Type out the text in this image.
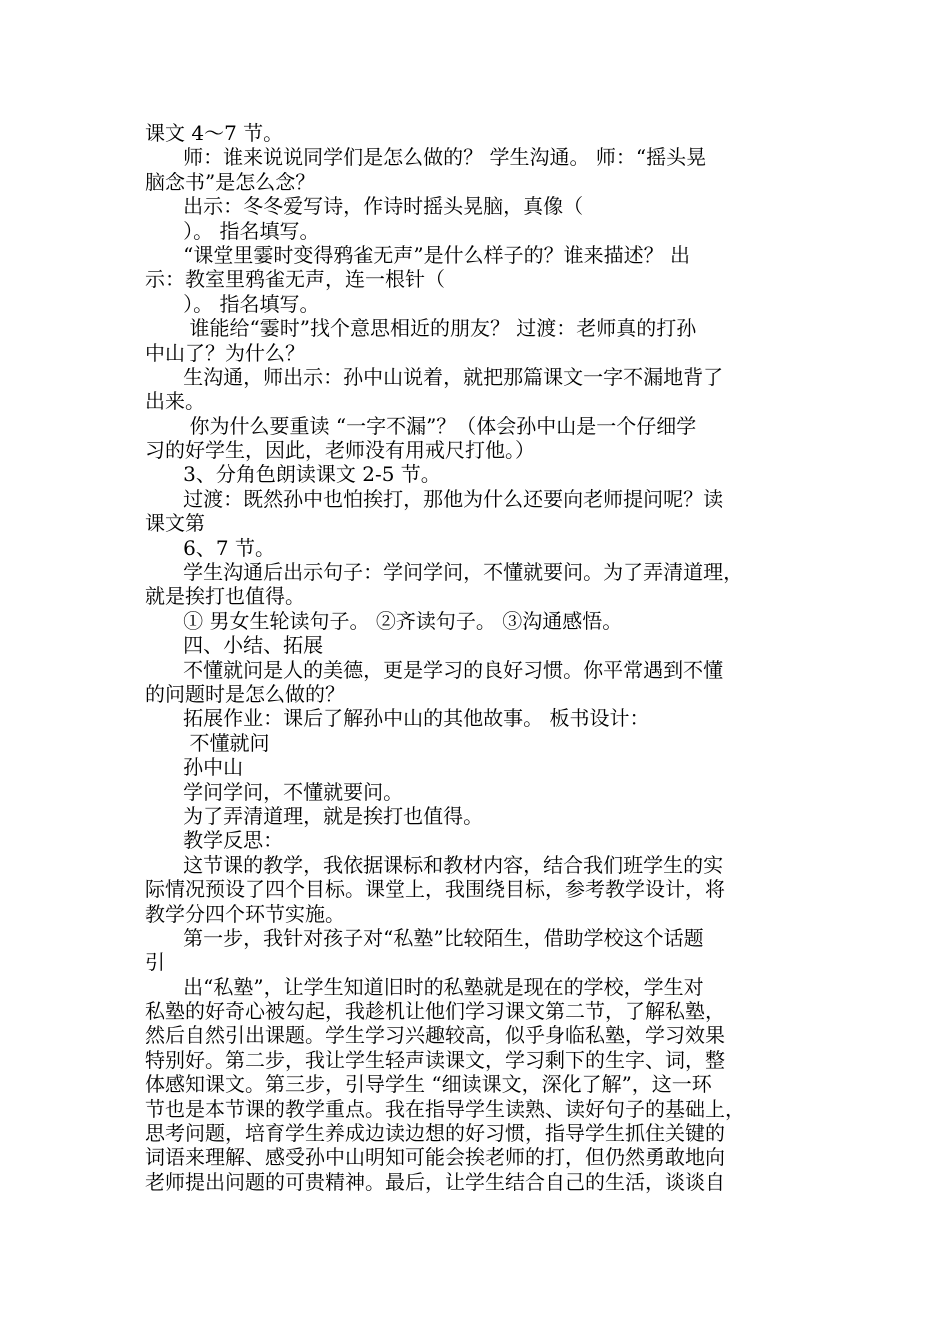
课文 4～7 节。
师：谁来说说同学们是怎么做的？ 学生沟通。 师：“摇头晃
脑念书”是怎么念？
出示：冬冬爱写诗，作诗时摇头晃脑，真像（
）。 指名填写。
“课堂里霎时变得鸦雀无声”是什么样子的？谁来描述？ 出
示：教室里鸦雀无声，连一根针（
）。 指名填写。
谁能给“霎时”找个意思相近的朋友？ 过渡：老师真的打孙
中山了？为什么？
生沟通，师出示：孙中山说着，就把那篇课文一字不漏地背了
出来。
你为什么要重读 “一字不漏”？（体会孙中山是一个仔细学
习的好学生，因此，老师没有用戒尺打他。）
3、分角色朗读课文 2-5 节。
过渡：既然孙中也怕挨打，那他为什么还要向老师提问呢？读
课文第
6、7 节。
学生沟通后出示句子：学问学问，不懂就要问。为了弄清道理，
就是挨打也值得。
① 男女生轮读句子。 ②齐读句子。 ③沟通感悟。
四、小结、拓展
不懂就问是人的美德，更是学习的良好习惯。你平常遇到不懂
的问题时是怎么做的？
拓展作业：课后了解孙中山的其他故事。 板书设计：
不懂就问
孙中山
学问学问，不懂就要问。
为了弄清道理，就是挨打也值得。
教学反思：
这节课的教学，我依据课标和教材内容，结合我们班学生的实
际情况预设了四个目标。课堂上，我围绕目标，参考教学设计，将
教学分四个环节实施。
第一步，我针对孩子对“私塾”比较陌生，借助学校这个话题
引
出“私塾”，让学生知道旧时的私塾就是现在的学校，学生对
私塾的好奇心被勾起，我趁机让他们学习课文第二节，了解私塾，
然后自然引出课题。学生学习兴趣较高，似乎身临私塾，学习效果
特别好。第二步，我让学生轻声读课文，学习剩下的生字、词，整
体感知课文。第三步，引导学生 “细读课文，深化了解”，这一环
节也是本节课的教学重点。我在指导学生读熟、读好句子的基础上，
思考问题，培育学生养成边读边想的好习惯，指导学生抓住关键的
词语来理解、感受孙中山明知可能会挨老师的打，但仍然勇敢地向
老师提出问题的可贵精神。最后，让学生结合自己的生活，谈谈自
